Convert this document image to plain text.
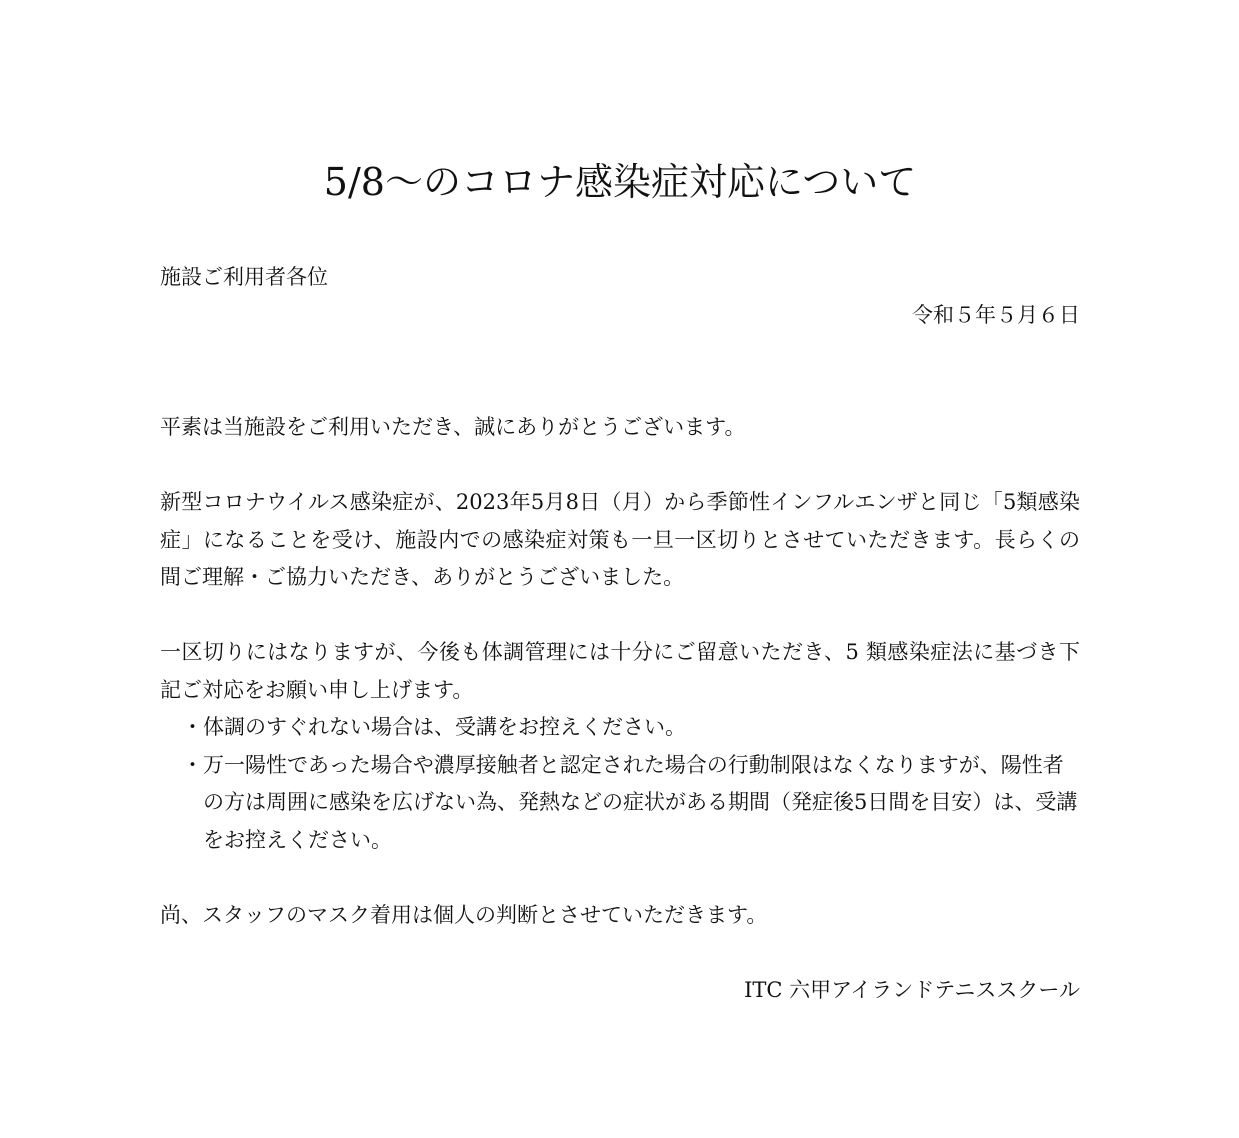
5/8〜のコロナ感染症対応について

施設ご利用者各位

令和５年５月６日

平素は当施設をご利用いただき、誠にありがとうございます。

新型コロナウイルス感染症が、2023年5月8日（月）から季節性インフルエンザと同じ「5類感染症」になることを受け、施設内での感染症対策も一旦一区切りとさせていただきます。長らくの間ご理解・ご協力いただき、ありがとうございました。

一区切りにはなりますが、今後も体調管理には十分にご留意いただき、5 類感染症法に基づき下記ご対応をお願い申し上げます。

・ 体調のすぐれない場合は、受講をお控えください。
・ 万一陽性であった場合や濃厚接触者と認定された場合の行動制限はなくなりますが、陽性者の方は周囲に感染を広げない為、発熱などの症状がある期間（発症後5日間を目安）は、受講をお控えください。

尚、スタッフのマスク着用は個人の判断とさせていただきます。

ITC 六甲アイランドテニススクール
